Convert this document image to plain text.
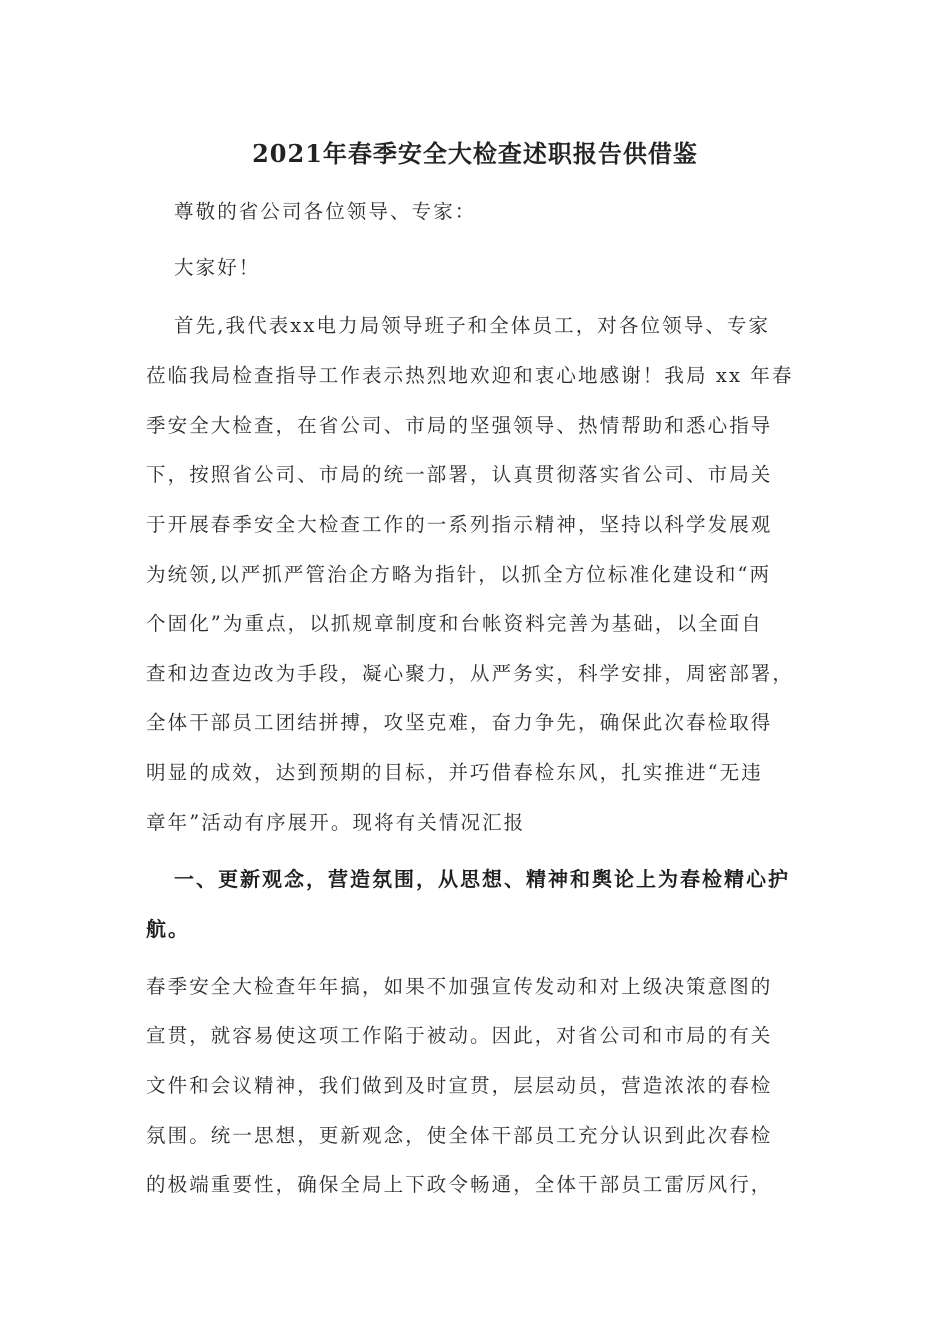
2021年春季安全大检查述职报告供借鉴
尊敬的省公司各位领导、专家：
大家好！
首先,我代表xx电力局领导班子和全体员工，对各位领导、专家
莅临我局检查指导工作表示热烈地欢迎和衷心地感谢！我局 xx 年春
季安全大检查，在省公司、市局的坚强领导、热情帮助和悉心指导
下，按照省公司、市局的统一部署，认真贯彻落实省公司、市局关
于开展春季安全大检查工作的一系列指示精神，坚持以科学发展观
为统领,以严抓严管治企方略为指针，以抓全方位标准化建设和“两
个固化”为重点，以抓规章制度和台帐资料完善为基础，以全面自
查和边查边改为手段，凝心聚力，从严务实，科学安排，周密部署，
全体干部员工团结拼搏，攻坚克难，奋力争先，确保此次春检取得
明显的成效，达到预期的目标，并巧借春检东风，扎实推进“无违
章年”活动有序展开。现将有关情况汇报
一、更新观念，营造氛围，从思想、精神和舆论上为春检精心护
航。
春季安全大检查年年搞，如果不加强宣传发动和对上级决策意图的
宣贯，就容易使这项工作陷于被动。因此，对省公司和市局的有关
文件和会议精神，我们做到及时宣贯，层层动员，营造浓浓的春检
氛围。统一思想，更新观念，使全体干部员工充分认识到此次春检
的极端重要性，确保全局上下政令畅通，全体干部员工雷厉风行，
